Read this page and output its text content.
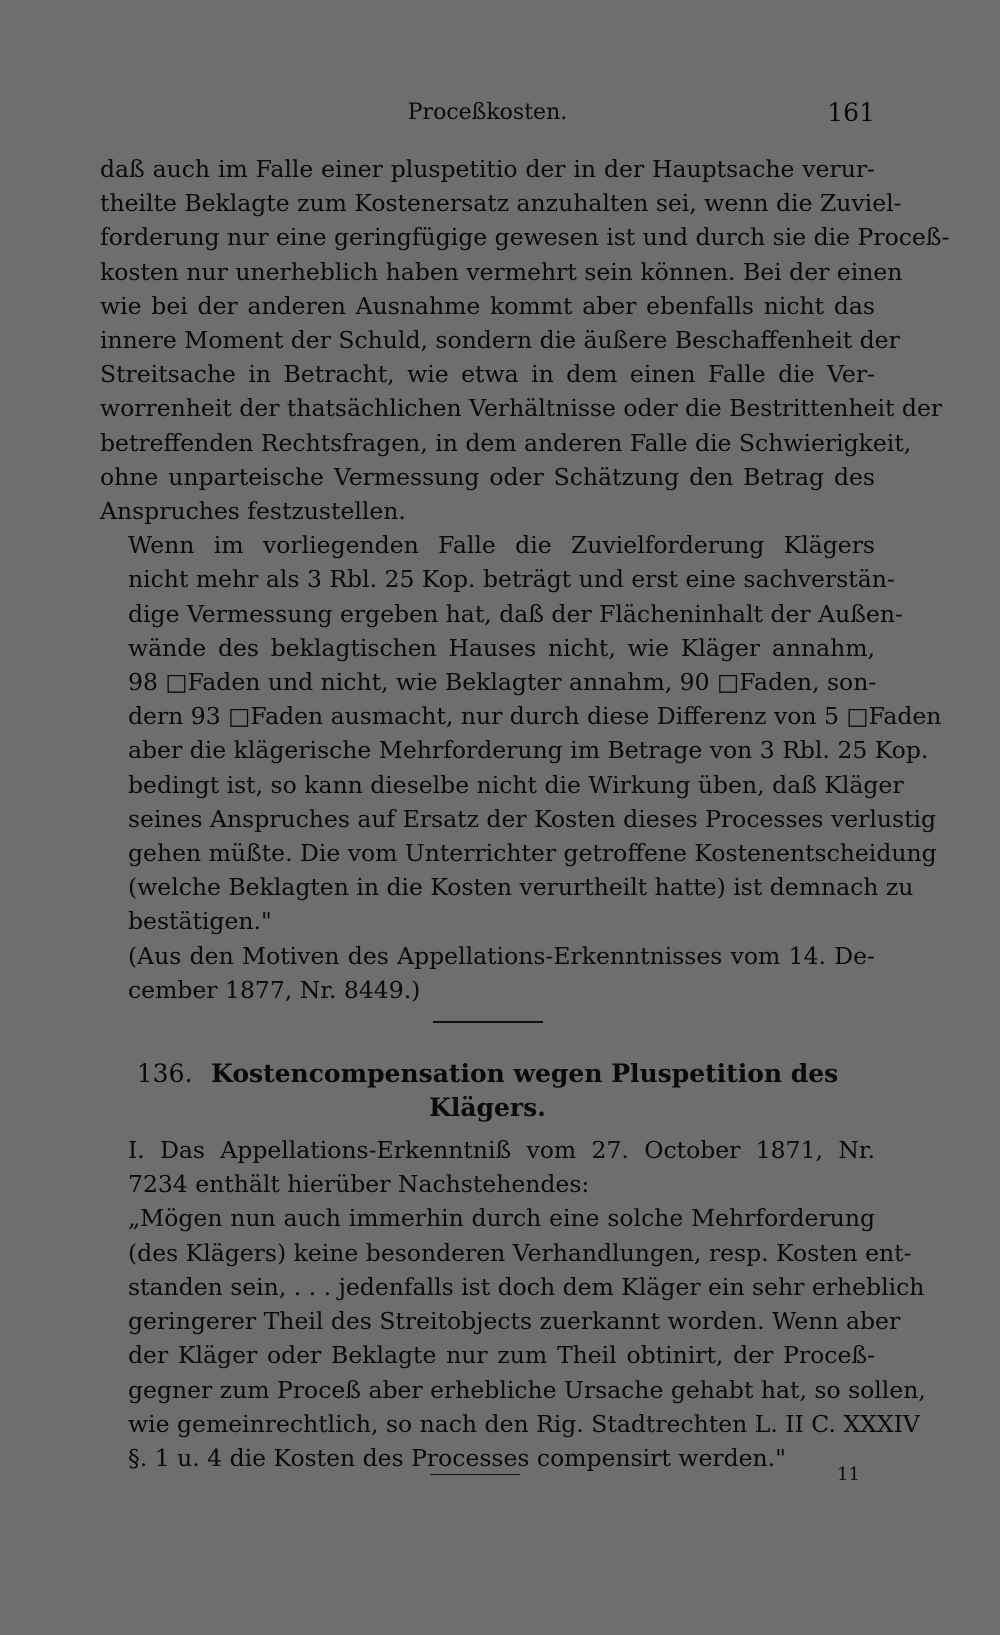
Proceßkosten.	161

daß auch im Falle einer pluspetitio der in der Hauptsache verur-
theilte Beklagte zum Kostenersatz anzuhalten sei, wenn die Zuviel-
forderung nur eine geringfügige gewesen ist und durch sie die Proceß-
kosten nur unerheblich haben vermehrt sein können. Bei der einen
wie bei der anderen Ausnahme kommt aber ebenfalls nicht das
innere Moment der Schuld, sondern die äußere Beschaffenheit der
Streitsache in Betracht, wie etwa in dem einen Falle die Ver-
worrenheit der thatsächlichen Verhältnisse oder die Bestrittenheit der
betreffenden Rechtsfragen, in dem anderen Falle die Schwierigkeit,
ohne unparteische Vermessung oder Schätzung den Betrag des
Anspruches festzustellen.

Wenn im vorliegenden Falle die Zuvielforderung Klägers
nicht mehr als 3 Rbl. 25 Kop. beträgt und erst eine sachverstän-
dige Vermessung ergeben hat, daß der Flächeninhalt der Außen-
wände des beklagtischen Hauses nicht, wie Kläger annahm,
98 □Faden und nicht, wie Beklagter annahm, 90 □Faden, son-
dern 93 □Faden ausmacht, nur durch diese Differenz von 5 □Faden
aber die klägerische Mehrforderung im Betrage von 3 Rbl. 25 Kop.
bedingt ist, so kann dieselbe nicht die Wirkung üben, daß Kläger
seines Anspruches auf Ersatz der Kosten dieses Processes verlustig
gehen müßte. Die vom Unterrichter getroffene Kostenentscheidung
(welche Beklagten in die Kosten verurtheilt hatte) ist demnach zu
bestätigen."

(Aus den Motiven des Appellations-Erkenntnisses vom 14. De-
cember 1877, Nr. 8449.)

136. Kostencompensation wegen Pluspetition des Klägers.

I. Das Appellations-Erkenntniß vom 27. October 1871, Nr.
7234 enthält hierüber Nachstehendes:

„Mögen nun auch immerhin durch eine solche Mehrforderung
(des Klägers) keine besonderen Verhandlungen, resp. Kosten ent-
standen sein, . . . jedenfalls ist doch dem Kläger ein sehr erheblich
geringerer Theil des Streitobjects zuerkannt worden. Wenn aber
der Kläger oder Beklagte nur zum Theil obtinirt, der Proceß-
gegner zum Proceß aber erhebliche Ursache gehabt hat, so sollen,
wie gemeinrechtlich, so nach den Rig. Stadtrechten L. II C. XXXIV
§. 1 u. 4 die Kosten des Processes compensirt werden."

11
